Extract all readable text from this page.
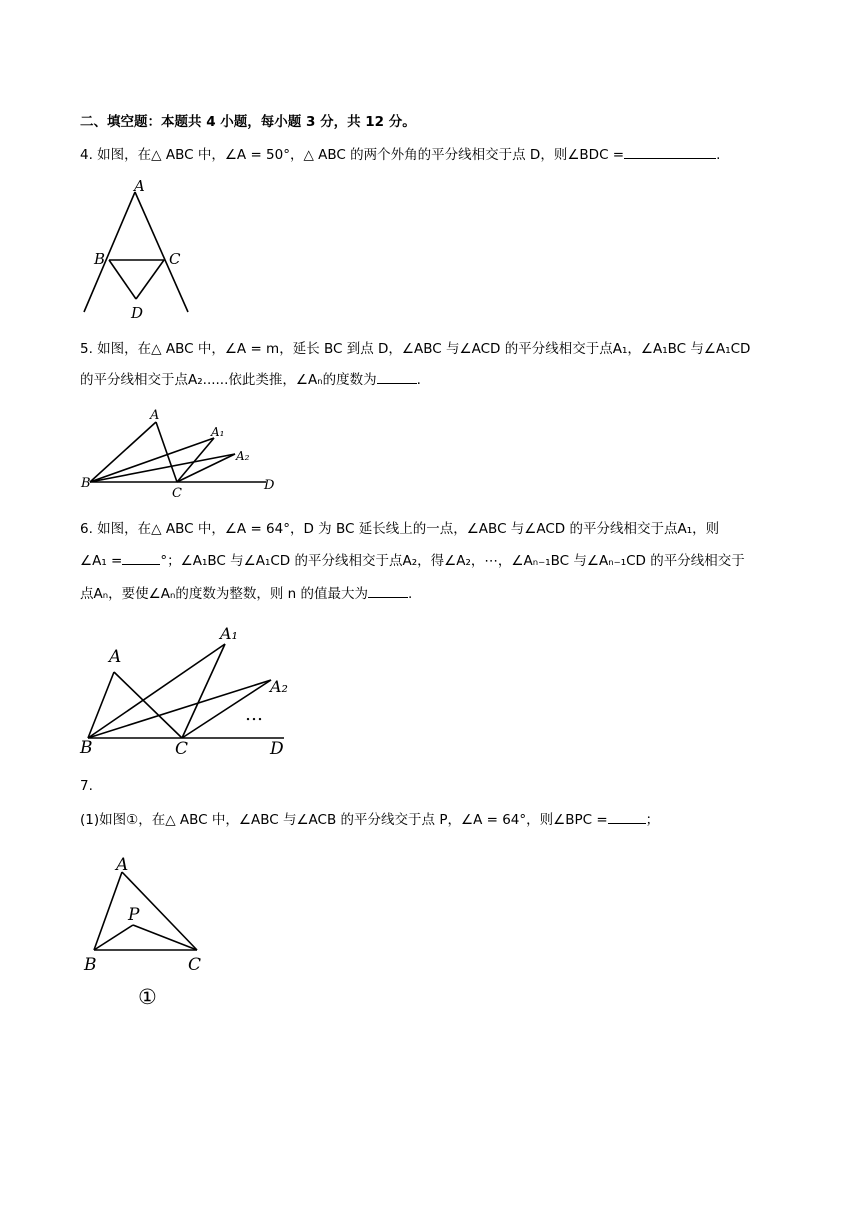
二、填空题：本题共 4 小题，每小题 3 分，共 12 分。
4. 如图，在△ ABC 中，∠A = 50°，△ ABC 的两个外角的平分线相交于点 D，则∠BDC =	.
A
B	C
D
5. 如图，在△ ABC 中，∠A = m，延长 BC 到点 D，∠ABC 与∠ACD 的平分线相交于点A₁，∠A₁BC 与∠A₁CD
的平分线相交于点A₂......依此类推，∠Aₙ的度数为	.
A
A₁
A₂
B
C
D
6. 如图，在△ ABC 中，∠A = 64°，D 为 BC 延长线上的一点，∠ABC 与∠ACD 的平分线相交于点A₁，则
∠A₁ =	°；∠A₁BC 与∠A₁CD 的平分线相交于点A₂，得∠A₂，⋯，∠Aₙ₋₁BC 与∠Aₙ₋₁CD 的平分线相交于
点Aₙ，要使∠Aₙ的度数为整数，则 n 的值最大为	.
A
A₁
A₂
…
B	C	D
7.
(1)如图①，在△ ABC 中，∠ABC 与∠ACB 的平分线交于点 P，∠A = 64°，则∠BPC =	；
A
P
B	C
①
